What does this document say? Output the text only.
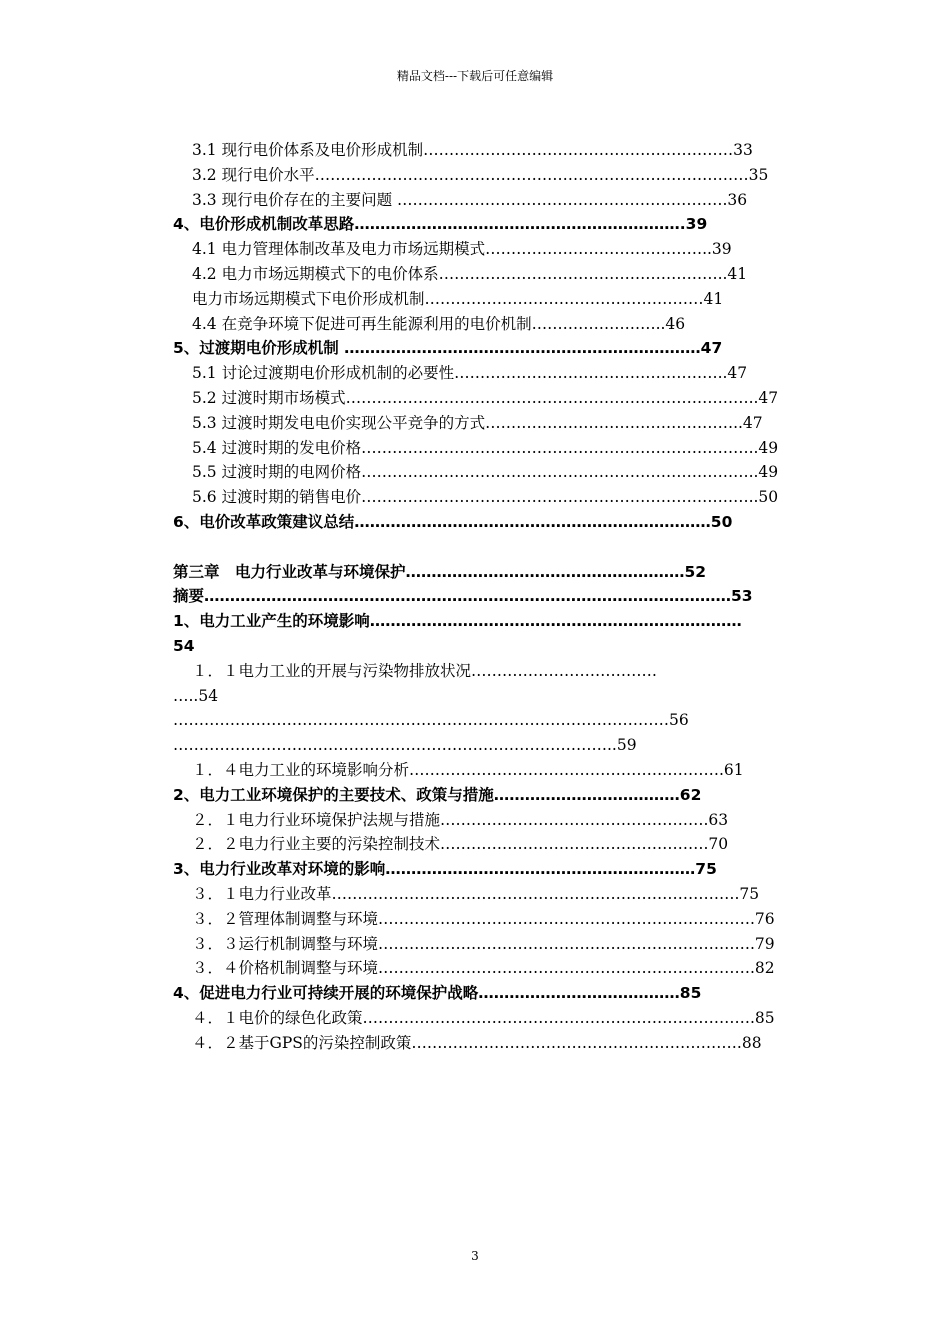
精品文档---下载后可任意编辑
3.1 现行电价体系及电价形成机制……………………………………………………33
3.2 现行电价水平…………………………………………………………………………35
3.3 现行电价存在的主要问题 ……………………………………………………….36
4、电价形成机制改革思路……………………………………………………….39
4.1 电力管理体制改革及电力市场远期模式……………………………………..39
4.2 电力市场远期模式下的电价体系………………………………………………..41
电力市场远期模式下电价形成机制………………………………………………41
4.4 在竞争环境下促进可再生能源利用的电价机制……………………..46
5、过渡期电价形成机制 ……………………………………………………………47
5.1 讨论过渡期电价形成机制的必要性……………………………………………..47
5.2 过渡时期市场模式……………………………………………………………………..47
5.3 过渡时期发电电价实现公平竞争的方式…………………………………………..47
5.4 过渡时期的发电价格…………………………………………………………………..49
5.5 过渡时期的电网价格…………………………………………………………………..49
5.6 过渡时期的销售电价…………………………………………………………………..50
6、电价改革政策建议总结……………………………………………………………50
第三章　电力行业改革与环境保护………………………………………………52
摘要…………………………………………………………………………………………53
1、电力工业产生的环境影响………………………………………………………………
54
１．１电力工业的开展与污染物排放状况………………………………
…..54
……………………………………………………………………………………56
…………………………………………………………………………..59
１．４电力工业的环境影响分析…………………………………………………….61
2、电力工业环境保护的主要技术、政策与措施………………………………62
２．１电力行业环境保护法规与措施…………………………………………….63
２．２电力行业主要的污染控制技术…………………………………………….70
3、电力行业改革对环境的影响……………………………………………………75
３．１电力行业改革…………………………………………………………………….75
３．２管理体制调整与环境……………………………………………………………….76
３．３运行机制调整与环境……………………………………………………………….79
３．４价格机制调整与环境……………………………………………………………….82
4、促进电力行业可持续开展的环境保护战略…………………………………85
４．１电价的绿色化政策………………………………………………………………….85
４．２基于GPS的污染控制政策……………………………………………………….88
3
